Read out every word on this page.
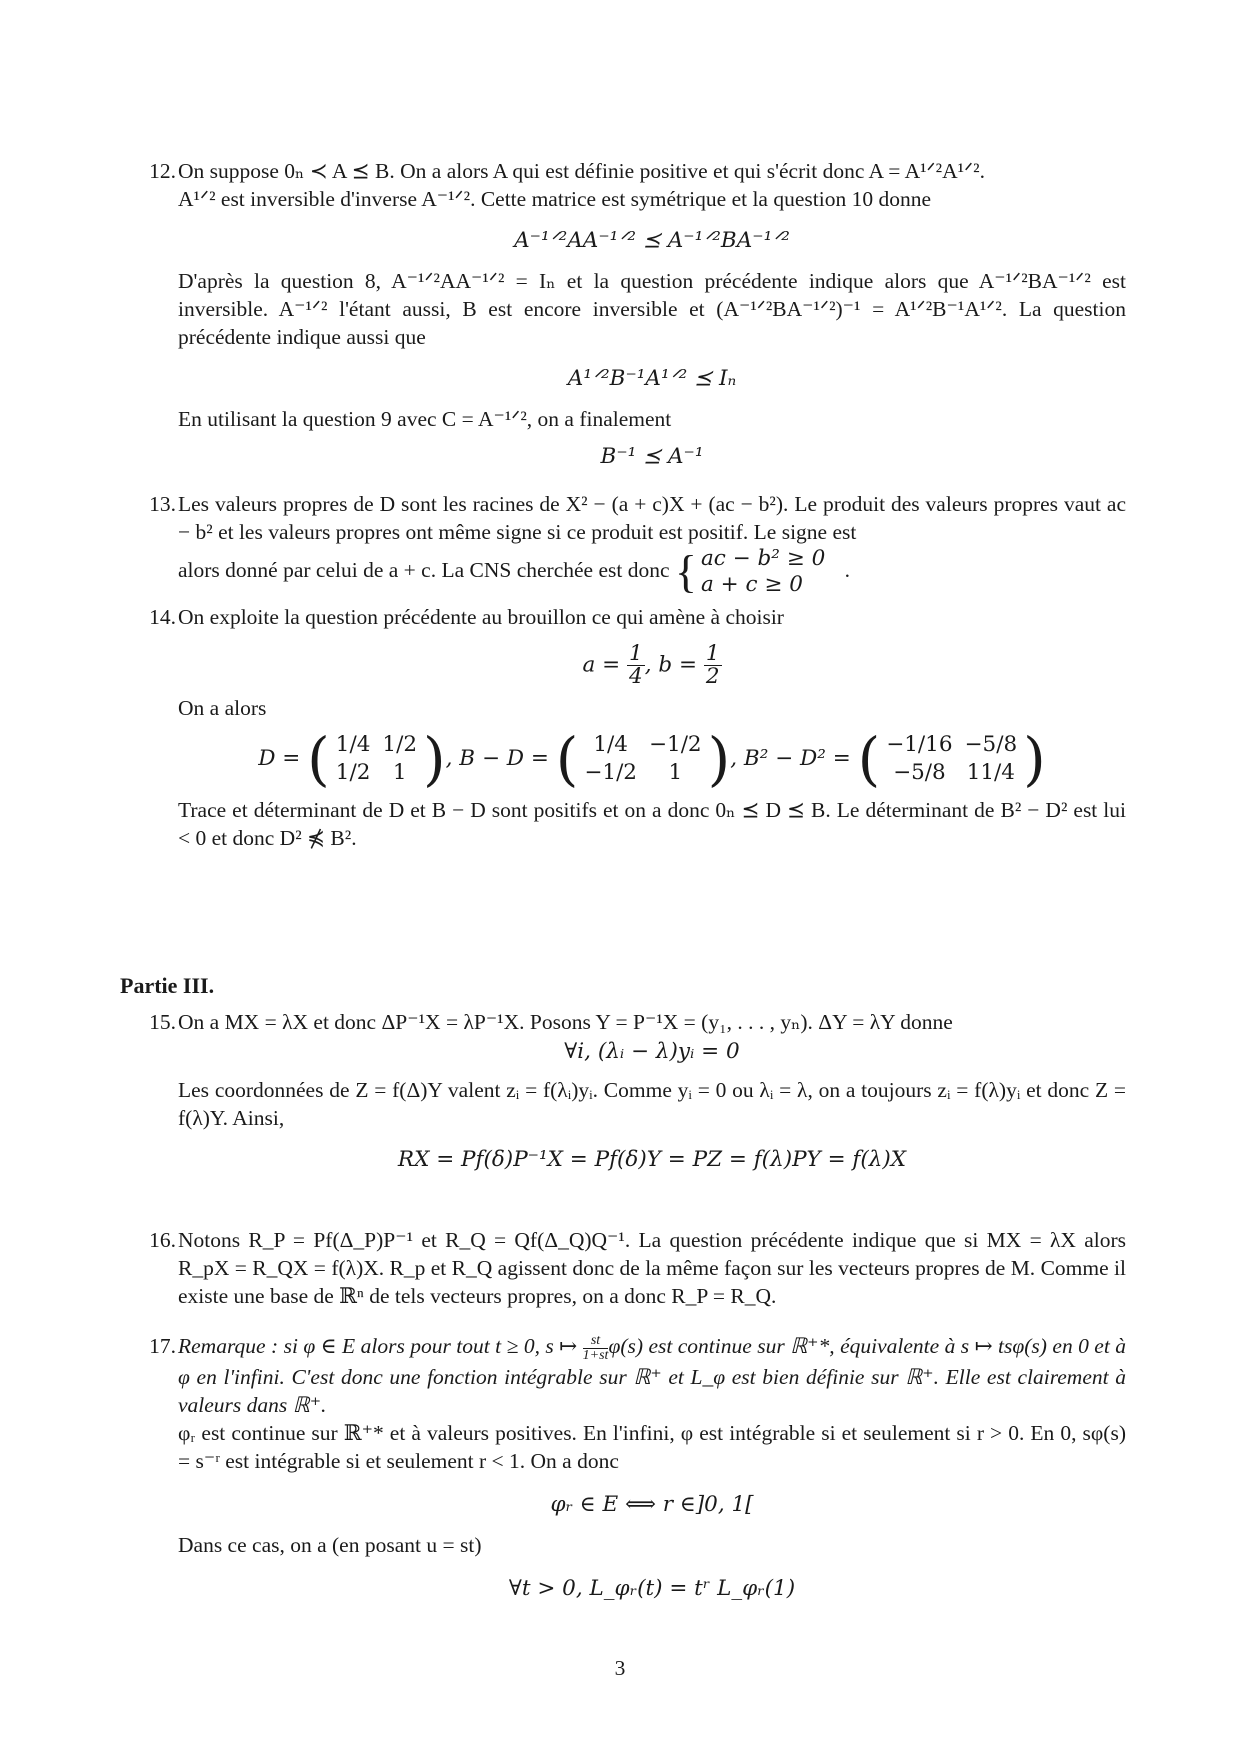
12. On suppose 0ₙ ≺ A ⪯ B. On a alors A qui est définie positive et qui s'écrit donc A = A¹ᐟ²A¹ᐟ².

A¹ᐟ² est inversible d'inverse A⁻¹ᐟ². Cette matrice est symétrique et la question 10 donne

A⁻¹ᐟ²AA⁻¹ᐟ² ⪯ A⁻¹ᐟ²BA⁻¹ᐟ²

D'après la question 8, A⁻¹ᐟ²AA⁻¹ᐟ² = Iₙ et la question précédente indique alors que A⁻¹ᐟ²BA⁻¹ᐟ² est inversible. A⁻¹ᐟ² l'étant aussi, B est encore inversible et (A⁻¹ᐟ²BA⁻¹ᐟ²)⁻¹ = A¹ᐟ²B⁻¹A¹ᐟ². La question précédente indique aussi que

A¹ᐟ²B⁻¹A¹ᐟ² ⪯ Iₙ

En utilisant la question 9 avec C = A⁻¹ᐟ², on a finalement

B⁻¹ ⪯ A⁻¹
13. Les valeurs propres de D sont les racines de X² − (a + c)X + (ac − b²). Le produit des valeurs propres vaut ac − b² et les valeurs propres ont même signe si ce produit est positif. Le signe est

alors donné par celui de a + c. La CNS cherchée est donc { ac − b² ≥ 0
a + c ≥ 0
.

14. On exploite la question précédente au brouillon ce qui amène à choisir

$a = \frac{1}{4}$ , $b = \frac{1}{2}$

On a alors

D = ( 1/4	1/2
1/2	1 ), B − D = ( 1/4	−1/2
−1/2	1 ), B² − D² = ( −1/16	−5/8
−5/8	11/4 )

Trace et déterminant de D et B − D sont positifs et on a donc 0ₙ ⪯ D ⪯ B. Le déterminant de B² − D² est lui < 0 et donc D² ⋠ B².

Partie III.
15. On a MX = λX et donc ΔP⁻¹X = λP⁻¹X. Posons Y = P⁻¹X = (y₁, . . . , yₙ). ΔY = λY donne

∀i, (λᵢ − λ)yᵢ = 0

Les coordonnées de Z = f(Δ)Y valent zᵢ = f(λᵢ)yᵢ. Comme yᵢ = 0 ou λᵢ = λ, on a toujours zᵢ = f(λ)yᵢ et donc Z = f(λ)Y. Ainsi,

RX = Pf(δ)P⁻¹X = Pf(δ)Y = PZ = f(λ)PY = f(λ)X
16. Notons R_P = Pf(Δ_P)P⁻¹ et R_Q = Qf(Δ_Q)Q⁻¹. La question précédente indique que si MX = λX alors R_pX = R_QX = f(λ)X. R_p et R_Q agissent donc de la même façon sur les vecteurs propres de M. Comme il existe une base de ℝⁿ de tels vecteurs propres, on a donc R_P = R_Q.

17. Remarque : si φ ∈ E alors pour tout t ≥ 0, s ↦ $\frac{st}{1+st} \varphi(s)$ est continue sur ℝ⁺*, équivalente à s ↦ tsφ(s) en 0 et à φ en l'infini. C'est donc une fonction intégrable sur ℝ⁺ et L_φ est bien définie sur ℝ⁺. Elle est clairement à valeurs dans ℝ⁺.

φᵣ est continue sur ℝ⁺* et à valeurs positives. En l'infini, φ est intégrable si et seulement si r > 0. En 0, sφ(s) = s⁻ʳ est intégrable si et seulement r < 1. On a donc

φᵣ ∈ E ⟺ r ∈]0, 1[

Dans ce cas, on a (en posant u = st)

∀t > 0, L_φᵣ(t) = tʳ L_φᵣ(1)
3
